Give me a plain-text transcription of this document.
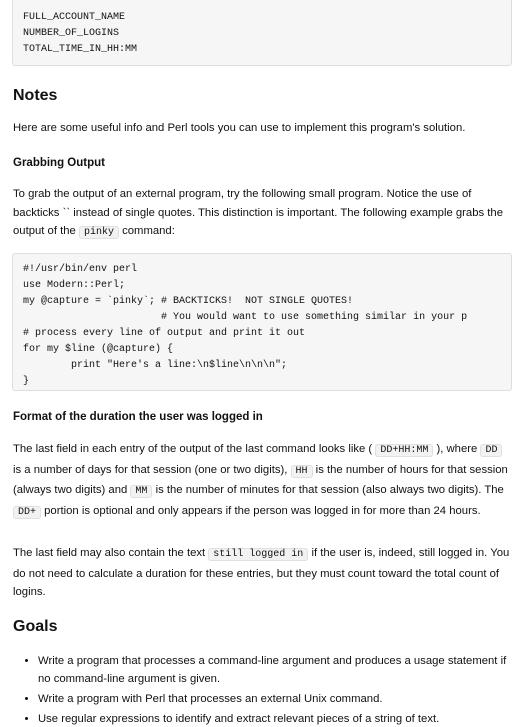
FULL_ACCOUNT_NAME
NUMBER_OF_LOGINS
TOTAL_TIME_IN_HH:MM
Notes

Here are some useful info and Perl tools you can use to implement this program's solution.

Grabbing Output

To grab the output of an external program, try the following small program. Notice the use of backticks `` instead of single quotes. This distinction is important. The following example grabs the output of the pinky command:

#!/usr/bin/env perl
use Modern::Perl;
my @capture = `pinky`; # BACKTICKS!  NOT SINGLE QUOTES!
# You would want to use something similar in your p
# process every line of output and print it out
for my $line (@capture) {
print "Here's a line:\n$line\n\n\n";
}
Format of the duration the user was logged in

The last field in each entry of the output of the last command looks like ( DD+HH:MM ), where DD is a number of days for that session (one or two digits), HH is the number of hours for that session (always two digits) and MM is the number of minutes for that session (also always two digits). The DD+ portion is optional and only appears if the person was logged in for more than 24 hours.

The last field may also contain the text still logged in if the user is, indeed, still logged in. You do not need to calculate a duration for these entries, but they must count toward the total count of logins.

Goals
• Write a program that processes a command-line argument and produces a usage statement if no command-line argument is given.
• Write a program with Perl that processes an external Unix command.
• Use regular expressions to identify and extract relevant pieces of a string of text.
